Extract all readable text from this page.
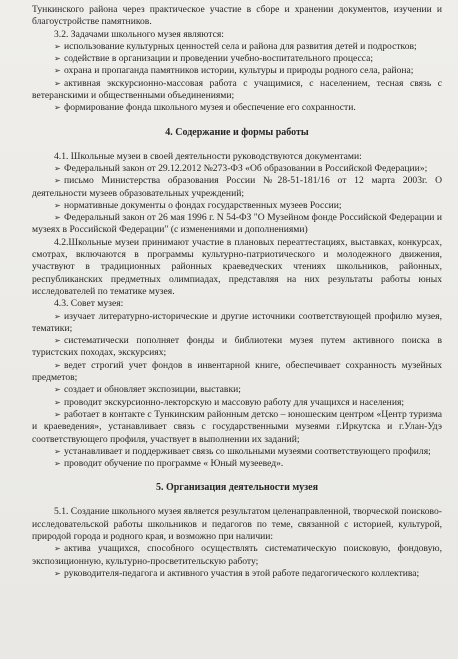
Тункинского района через практическое участие в сборе и хранении документов, изучении и благоустройстве памятников.

3.2. Задачами школьного музея являются:

➢ использование культурных ценностей села и района для развития детей и подростков;

➢ содействие в организации и проведении учебно-воспитательного процесса;

➢ охрана и пропаганда памятников истории, культуры и природы родного села, района;

➢ активная экскурсионно-массовая работа с учащимися, с населением, тесная связь с ветеранскими и общественными объединениями;

➢ формирование фонда школьного музея и обеспечение его сохранности.

4. Содержание и формы работы

4.1. Школьные музеи в своей деятельности руководствуются документами:

➢ Федеральный закон от 29.12.2012 №273-ФЗ «Об образовании в Российской Федерации»;

➢ письмо Министерства образования России №28-51-181/16 от 12 марта 2003г. О деятельности музеев образовательных учреждений;

➢ нормативные документы о фондах государственных музеев России;

➢ Федеральный закон от 26 мая 1996 г. N 54-ФЗ "О Музейном фонде Российской Федерации и музеях в Российской Федерации" (с изменениями и дополнениями)

4.2.Школьные музеи принимают участие в плановых переаттестациях, выставках, конкурсах, смотрах, включаются в программы культурно-патриотического и молодежного движения, участвуют в традиционных районных краеведческих чтениях школьников, районных, республиканских предметных олимпиадах, представляя на них результаты работы юных исследователей по тематике музея.

4.3. Совет музея:

➢ изучает литературно-исторические и другие источники соответствующей профилю музея, тематики;

➢ систематически пополняет фонды и библиотеки музея путем активного поиска в туристских походах, экскурсиях;

➢ ведет строгий учет фондов в инвентарной книге, обеспечивает сохранность музейных предметов;

➢ создает и обновляет экспозиции, выставки;

➢ проводит экскурсионно-лекторскую и массовую работу для учащихся и населения;

➢ работает в контакте с Тункинским районным детско – юношеским центром «Центр туризма и краеведения», устанавливает связь с государственными музеями г.Иркутска и г.Улан-Удэ соответствующего профиля, участвует в выполнении их заданий;

➢ устанавливает и поддерживает связь со школьными музеями соответствующего профиля;

➢ проводит обучение по программе « Юный музеевед».

5. Организация деятельности музея

5.1. Создание школьного музея является результатом целенаправленной, творческой поисково-исследовательской работы школьников и педагогов по теме, связанной с историей, культурой, природой города и родного края, и возможно при наличии:

➢ актива учащихся, способного осуществлять систематическую поисковую, фондовую, экспозиционную, культурно-просветительскую работу;

➢ руководителя-педагога и активного участия в этой работе педагогического коллектива;
